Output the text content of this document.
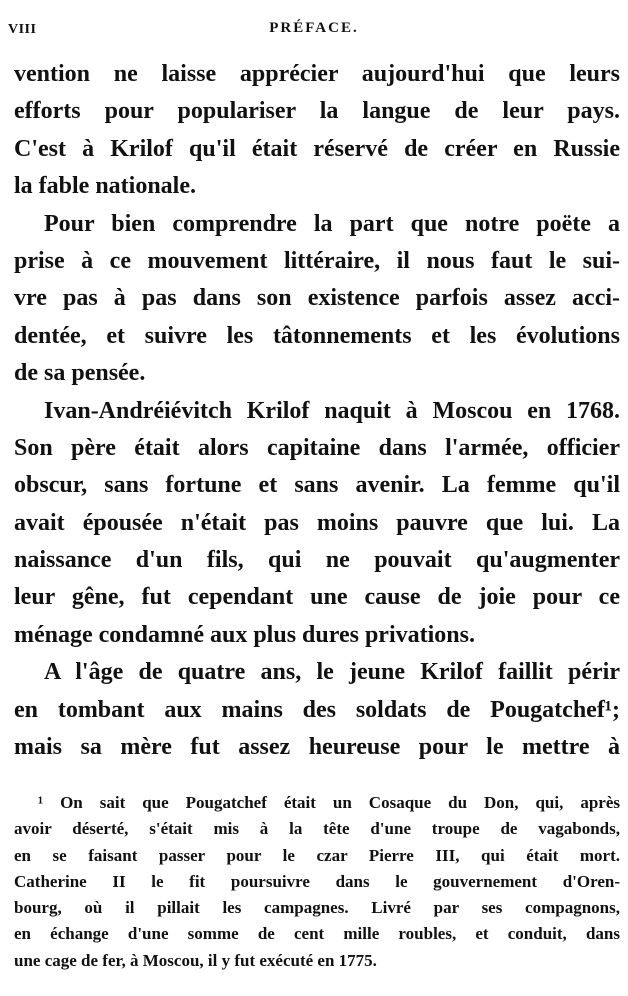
VIII	PRÉFACE.
vention ne laisse apprécier aujourd'hui que leurs
efforts pour populariser la langue de leur pays.
C'est à Krilof qu'il était réservé de créer en Russie
la fable nationale.
Pour bien comprendre la part que notre poëte a
prise à ce mouvement littéraire, il nous faut le sui-
vre pas à pas dans son existence parfois assez acci-
dentée, et suivre les tâtonnements et les évolutions
de sa pensée.
Ivan-Andréiévitch Krilof naquit à Moscou en 1768.
Son père était alors capitaine dans l'armée, officier
obscur, sans fortune et sans avenir. La femme qu'il
avait épousée n'était pas moins pauvre que lui. La
naissance d'un fils, qui ne pouvait qu'augmenter
leur gêne, fut cependant une cause de joie pour ce
ménage condamné aux plus dures privations.
A l'âge de quatre ans, le jeune Krilof faillit périr
en tombant aux mains des soldats de Pougatchef¹;
mais sa mère fut assez heureuse pour le mettre à
¹ On sait que Pougatchef était un Cosaque du Don, qui, après
avoir déserté, s'était mis à la tête d'une troupe de vagabonds,
en se faisant passer pour le czar Pierre III, qui était mort.
Catherine II le fit poursuivre dans le gouvernement d'Oren-
bourg, où il pillait les campagnes. Livré par ses compagnons,
en échange d'une somme de cent mille roubles, et conduit, dans
une cage de fer, à Moscou, il y fut exécuté en 1775.
